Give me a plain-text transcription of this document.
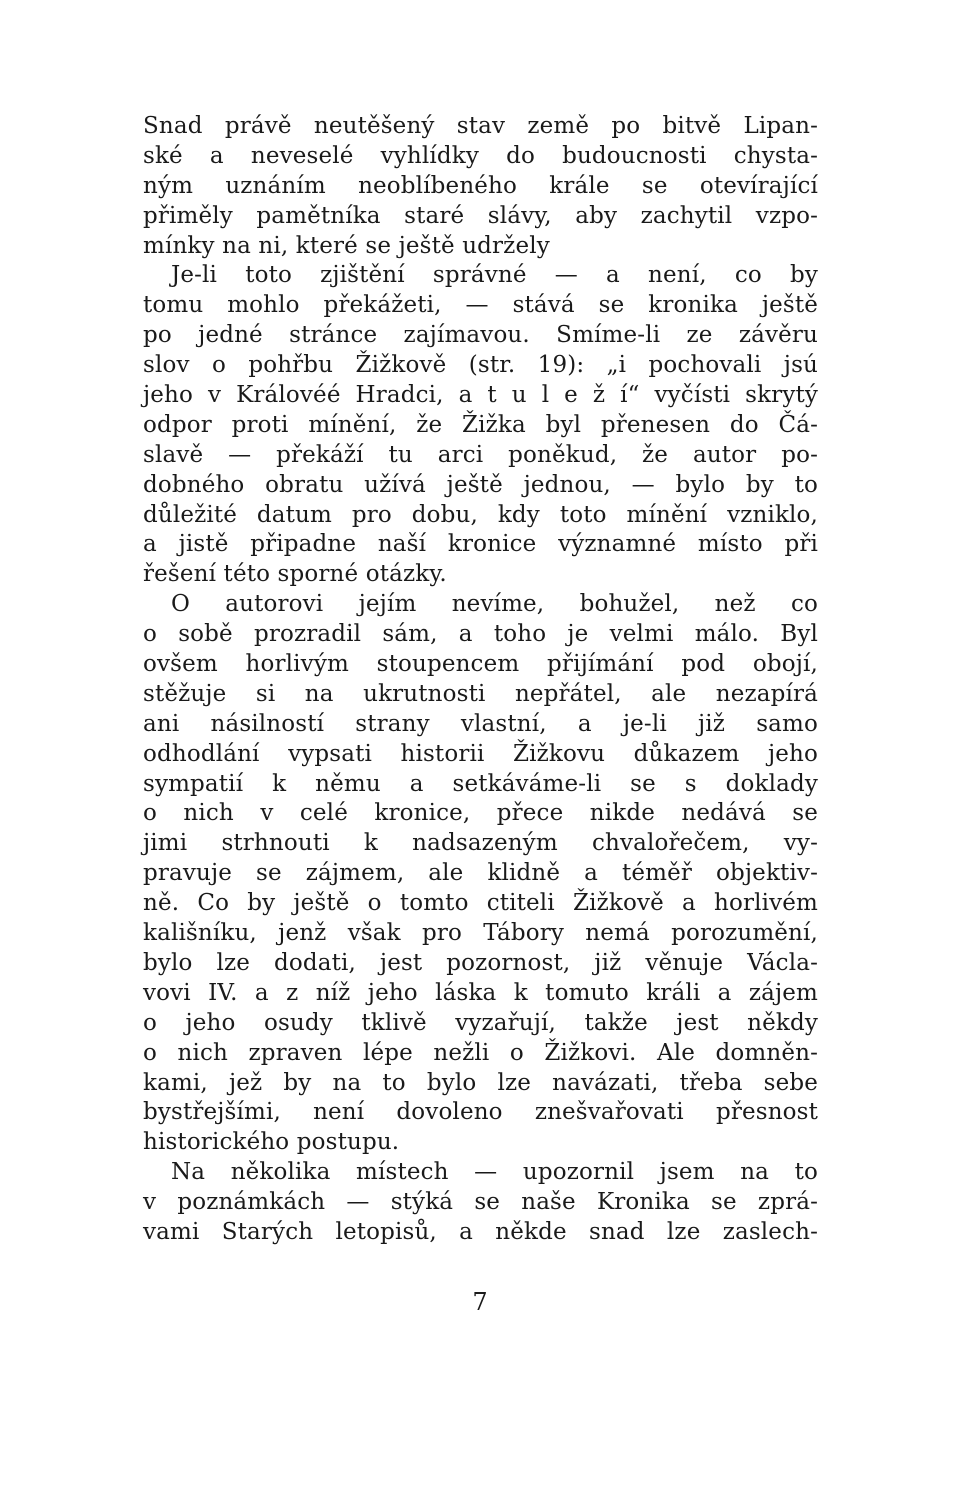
Snad právě neutěšený stav země po bitvě Lipan-
ské a neveselé vyhlídky do budoucnosti chysta-
ným uznáním neoblíbeného krále se otevírající
přiměly pamětníka staré slávy, aby zachytil vzpo-
mínky na ni, které se ještě udržely
Je-li toto zjištění správné — a není, co by
tomu mohlo překážeti, — stává se kronika ještě
po jedné stránce zajímavou. Smíme-li ze závěru
slov o pohřbu Žižkově (str. 19): „i pochovali jsú
jeho v Královéé Hradci, a t u l e ž í“ vyčísti skrytý
odpor proti mínění, že Žižka byl přenesen do Čá-
slavě — překáží tu arci poněkud, že autor po-
dobného obratu užívá ještě jednou, — bylo by to
důležité datum pro dobu, kdy toto mínění vzniklo,
a jistě připadne naší kronice významné místo při
řešení této sporné otázky.
O autorovi jejím nevíme, bohužel, než co
o sobě prozradil sám, a toho je velmi málo. Byl
ovšem horlivým stoupencem přijímání pod obojí,
stěžuje si na ukrutnosti nepřátel, ale nezapírá
ani násilností strany vlastní, a je-li již samo
odhodlání vypsati historii Žižkovu důkazem jeho
sympatií k němu a setkáváme-li se s doklady
o nich v celé kronice, přece nikde nedává se
jimi strhnouti k nadsazeným chvalořečem, vy-
pravuje se zájmem, ale klidně a téměř objektiv-
ně. Co by ještě o tomto ctiteli Žižkově a horlivém
kališníku, jenž však pro Tábory nemá porozumění,
bylo lze dodati, jest pozornost, již věnuje Václa-
vovi IV. a z níž jeho láska k tomuto králi a zájem
o jeho osudy tklivě vyzařují, takže jest někdy
o nich zpraven lépe nežli o Žižkovi. Ale domněn-
kami, jež by na to bylo lze navázati, třeba sebe
bystřejšími, není dovoleno znešvařovati přesnost
historického postupu.
Na několika místech — upozornil jsem na to
v poznámkách — stýká se naše Kronika se zprá-
vami Starých letopisů, a někde snad lze zaslech-
7
